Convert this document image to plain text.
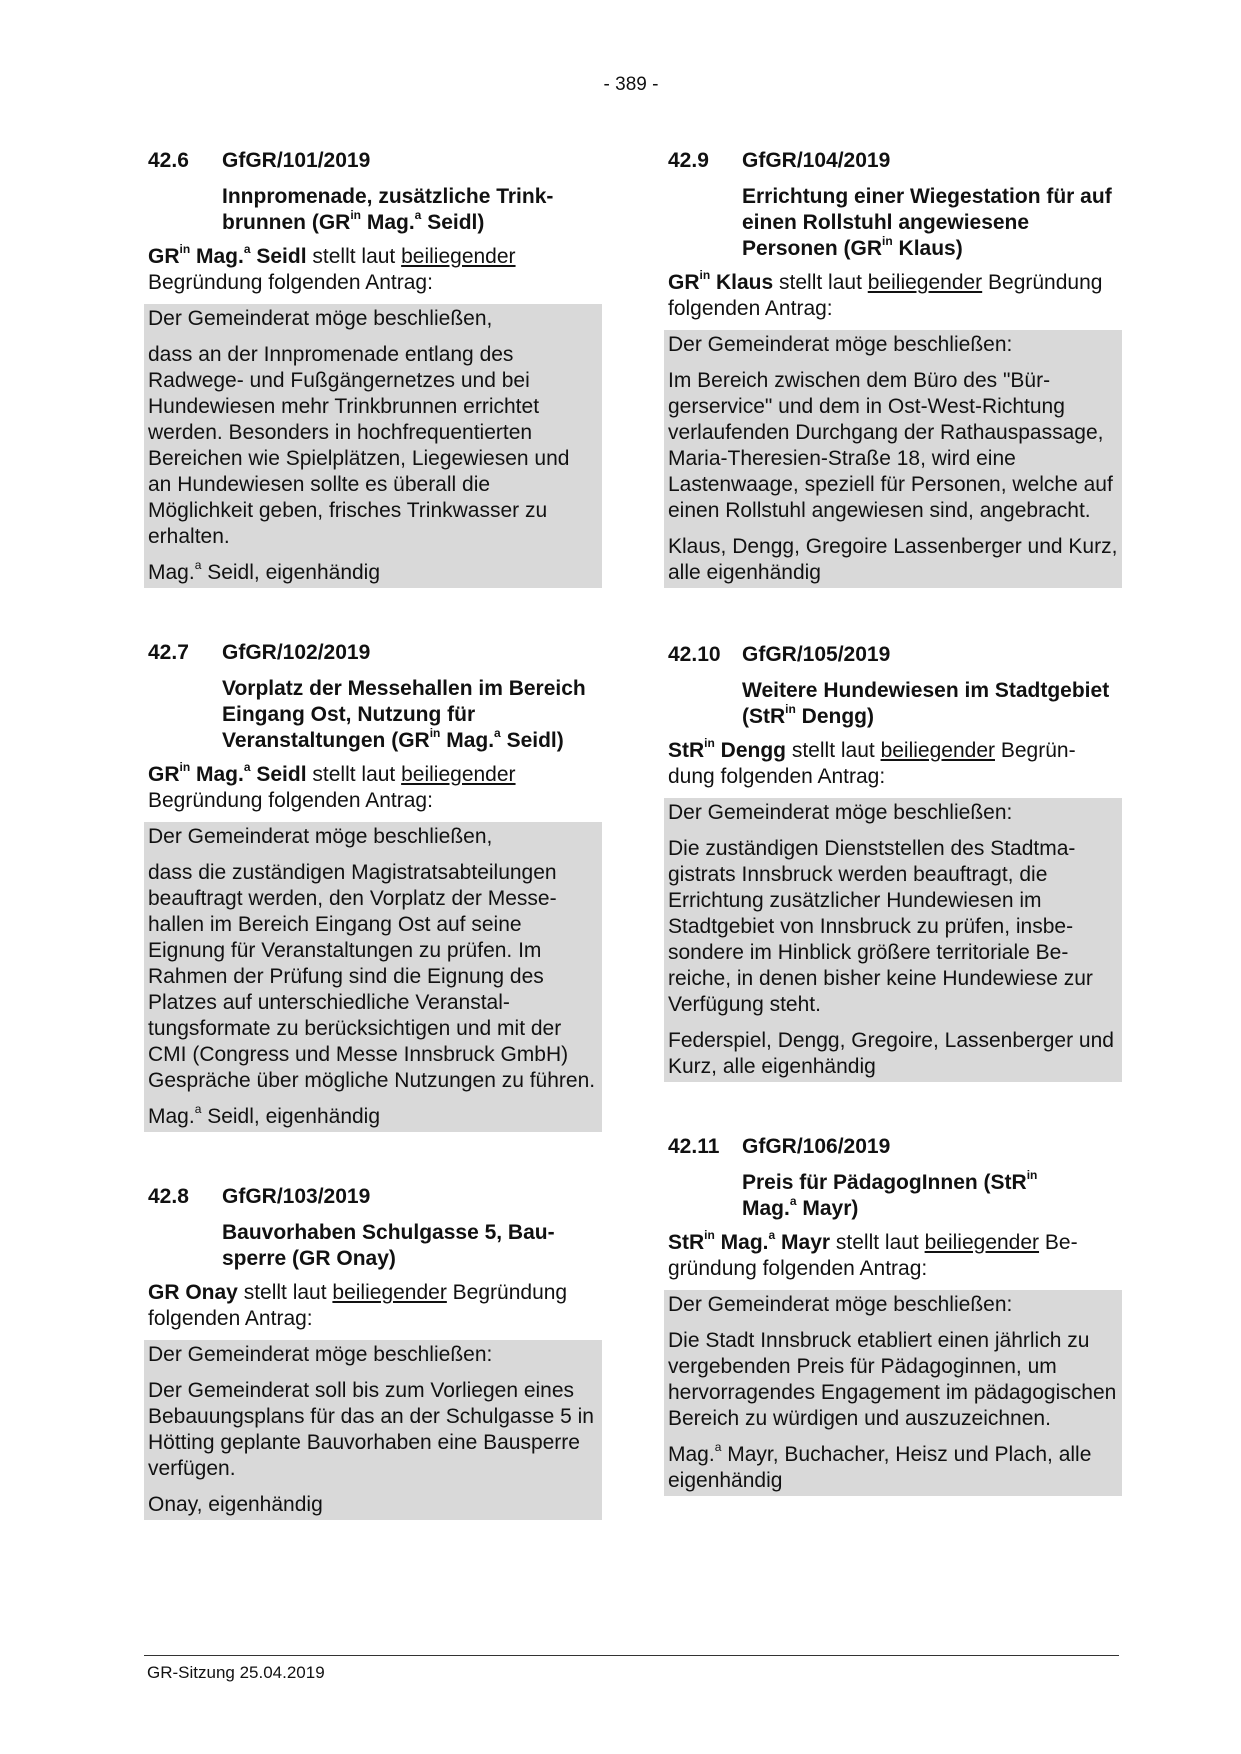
- 389 -
42.6	GfGR/101/2019
Innpromenade, zusätzliche Trinkbrunnen ($GR^{in}$ Mag.$^a$ Seidl)
$GR^{in}$ Mag.$^a$ Seidl stellt laut beiliegender Begründung folgenden Antrag:

Der Gemeinderat möge beschließen,

dass an der Innpromenade entlang des Radwege- und Fußgängernetzes und bei Hundewiesen mehr Trinkbrunnen errichtet werden. Besonders in hochfrequentierten Bereichen wie Spielplätzen, Liegewiesen und an Hundewiesen sollte es überall die Möglichkeit geben, frisches Trinkwasser zu erhalten.

Mag.$^a$ Seidl, eigenhändig

42.7	GfGR/102/2019
Vorplatz der Messehallen im Bereich Eingang Ost, Nutzung für Veranstaltungen ($GR^{in}$ Mag.$^a$ Seidl)
$GR^{in}$ Mag.$^a$ Seidl stellt laut beiliegender Begründung folgenden Antrag:

Der Gemeinderat möge beschließen,

dass die zuständigen Magistratsabteilungen beauftragt werden, den Vorplatz der Messehallen im Bereich Eingang Ost auf seine Eignung für Veranstaltungen zu prüfen. Im Rahmen der Prüfung sind die Eignung des Platzes auf unterschiedliche Veranstaltungsformate zu berücksichtigen und mit der CMI (Congress und Messe Innsbruck GmbH) Gespräche über mögliche Nutzungen zu führen.

Mag.$^a$ Seidl, eigenhändig

42.8	GfGR/103/2019
Bauvorhaben Schulgasse 5, Bausperre (GR Onay)
GR Onay stellt laut beiliegender Begründung folgenden Antrag:

Der Gemeinderat möge beschließen:

Der Gemeinderat soll bis zum Vorliegen eines Bebauungsplans für das an der Schulgasse 5 in Hötting geplante Bauvorhaben eine Bausperre verfügen.

Onay, eigenhändig

42.9	GfGR/104/2019
Errichtung einer Wiegestation für auf einen Rollstuhl angewiesene Personen ($GR^{in}$ Klaus)
$GR^{in}$ Klaus stellt laut beiliegender Begründung folgenden Antrag:

Der Gemeinderat möge beschließen:

Im Bereich zwischen dem Büro des "Bürgerservice" und dem in Ost-West-Richtung verlaufenden Durchgang der Rathauspassage, Maria-Theresien-Straße 18, wird eine Lastenwaage, speziell für Personen, welche auf einen Rollstuhl angewiesen sind, angebracht.

Klaus, Dengg, Gregoire Lassenberger und Kurz, alle eigenhändig

42.10	GfGR/105/2019
Weitere Hundewiesen im Stadtgebiet (StR$^{in}$ Dengg)
StR$^{in}$ Dengg stellt laut beiliegender Begründung folgenden Antrag:

Der Gemeinderat möge beschließen:

Die zuständigen Dienststellen des Stadtmagistrats Innsbruck werden beauftragt, die Errichtung zusätzlicher Hundewiesen im Stadtgebiet von Innsbruck zu prüfen, insbesondere im Hinblick größere territoriale Bereiche, in denen bisher keine Hundewiese zur Verfügung steht.

Federspiel, Dengg, Gregoire, Lassenberger und Kurz, alle eigenhändig

42.11	GfGR/106/2019
Preis für PädagogInnen (StR$^{in}$ Mag.$^a$ Mayr)
StR$^{in}$ Mag.$^a$ Mayr stellt laut beiliegender Begründung folgenden Antrag:

Der Gemeinderat möge beschließen:

Die Stadt Innsbruck etabliert einen jährlich zu vergebenden Preis für Pädagoginnen, um hervorragendes Engagement im pädagogischen Bereich zu würdigen und auszuzeichnen.

Mag.$^a$ Mayr, Buchacher, Heisz und Plach, alle eigenhändig

GR-Sitzung 25.04.2019
